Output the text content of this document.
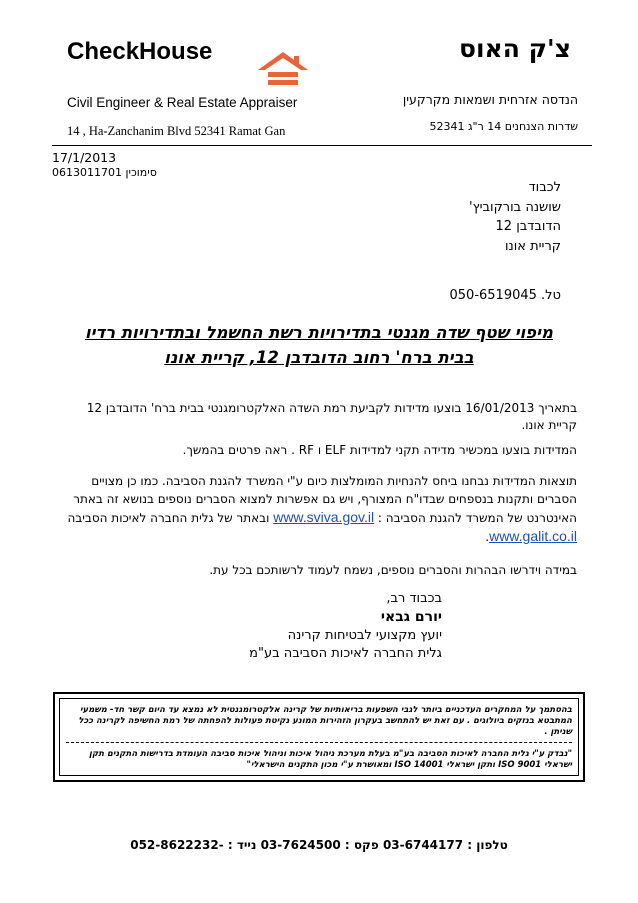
CheckHouse	צ'ק האוס
Civil Engineer & Real Estate Appraiser	הנדסה אזרחית ושמאות מקרקעין
14 , Ha-Zanchanim Blvd 52341 Ramat Gan	שדרות הצנחנים 14 ר"ג 52341
17/1/2013
סימוכין 0613011701
לכבוד
שושנה בורקוביץ'
הדובדבן 12
קריית אונו
טל. 050-6519045
מיפוי שטף שדה מגנטי בתדירויות רשת החשמל ובתדירויות רדיו
בבית ברח' רחוב הדובדבן 12, קריית אונו
בתאריך 16/01/2013 בוצעו מדידות לקביעת רמת השדה האלקטרומגנטי בבית ברח' הדובדבן 12 קריית אונו.
המדידות בוצעו במכשיר מדידה תקני למדידות ELF ו RF . ראה פרטים בהמשך.
תוצאות המדידות נבחנו ביחס להנחיות המומלצות כיום ע"י המשרד להגנת הסביבה. כמו כן מצויים הסברים ותקנות בנספחים שבדו"ח המצורף, ויש גם אפשרות למצוא הסברים נוספים בנושא זה באתר האינטרנט של המשרד להגנת הסביבה : www.sviva.gov.il ובאתר של גלית החברה לאיכות הסביבה www.galit.co.il.
במידה וידרשו הבהרות והסברים נוספים, נשמח לעמוד לרשותכם בכל עת.
בכבוד רב,
יורם גבאי
יועץ מקצועי לבטיחות קרינה
גלית החברה לאיכות הסביבה בע"מ
בהסתמך על המחקרים העדכניים ביותר לגבי השפעות בריאותיות של קרינה אלקטרומגנטית לא נמצא עד היום קשר חד- משמעי המתבטא בנזקים ביולוגים . עם זאת יש להתחשב בעקרון הזהירות המונע נקיטת פעולות להפחתה של רמת החשיפה לקרינה ככל שניתן .
"נבדק ע"י גלית החברה לאיכות הסביבה בע"מ בעלת מערכת ניהול איכות וניהול איכות סביבה העומדת בדרישות התקנים תקן ישראלי ISO 9001 ותקן ישראלי ISO 14001 ומאושרת ע"י מכון התקנים הישראלי"
טלפון : 03-6744177 פקס : 03-7624500 נייד : -052-8622232
